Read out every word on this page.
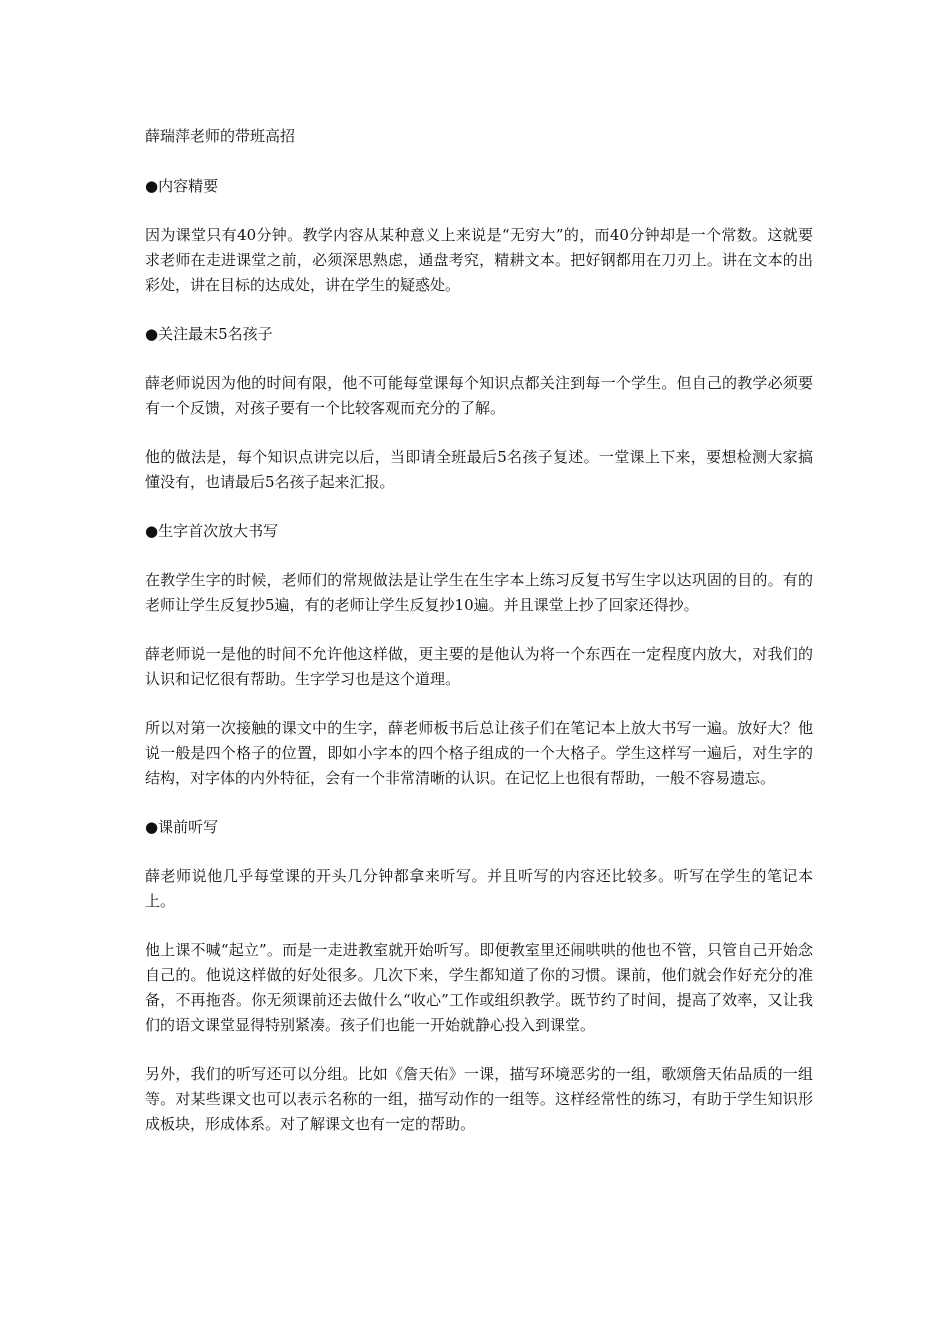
薛瑞萍老师的带班高招

●内容精要

因为课堂只有40分钟。教学内容从某种意义上来说是“无穷大”的，而40分钟却是一个常数。这就要求老师在走进课堂之前，必须深思熟虑，通盘考究，精耕文本。把好钢都用在刀刃上。讲在文本的出彩处，讲在目标的达成处，讲在学生的疑惑处。

●关注最末5名孩子

薛老师说因为他的时间有限，他不可能每堂课每个知识点都关注到每一个学生。但自己的教学必须要有一个反馈，对孩子要有一个比较客观而充分的了解。

他的做法是，每个知识点讲完以后，当即请全班最后5名孩子复述。一堂课上下来，要想检测大家搞懂没有，也请最后5名孩子起来汇报。

●生字首次放大书写

在教学生字的时候，老师们的常规做法是让学生在生字本上练习反复书写生字以达巩固的目的。有的老师让学生反复抄5遍，有的老师让学生反复抄10遍。并且课堂上抄了回家还得抄。

薛老师说一是他的时间不允许他这样做，更主要的是他认为将一个东西在一定程度内放大，对我们的认识和记忆很有帮助。生字学习也是这个道理。

所以对第一次接触的课文中的生字，薛老师板书后总让孩子们在笔记本上放大书写一遍。放好大？他说一般是四个格子的位置，即如小字本的四个格子组成的一个大格子。学生这样写一遍后，对生字的结构，对字体的内外特征，会有一个非常清晰的认识。在记忆上也很有帮助，一般不容易遗忘。

●课前听写

薛老师说他几乎每堂课的开头几分钟都拿来听写。并且听写的内容还比较多。听写在学生的笔记本上。

他上课不喊“起立”。而是一走进教室就开始听写。即便教室里还闹哄哄的他也不管，只管自己开始念自己的。他说这样做的好处很多。几次下来，学生都知道了你的习惯。课前，他们就会作好充分的准备，不再拖沓。你无须课前还去做什么“收心”工作或组织教学。既节约了时间，提高了效率，又让我们的语文课堂显得特别紧凑。孩子们也能一开始就静心投入到课堂。

另外，我们的听写还可以分组。比如《詹天佑》一课，描写环境恶劣的一组，歌颂詹天佑品质的一组等。对某些课文也可以表示名称的一组，描写动作的一组等。这样经常性的练习，有助于学生知识形成板块，形成体系。对了解课文也有一定的帮助。
